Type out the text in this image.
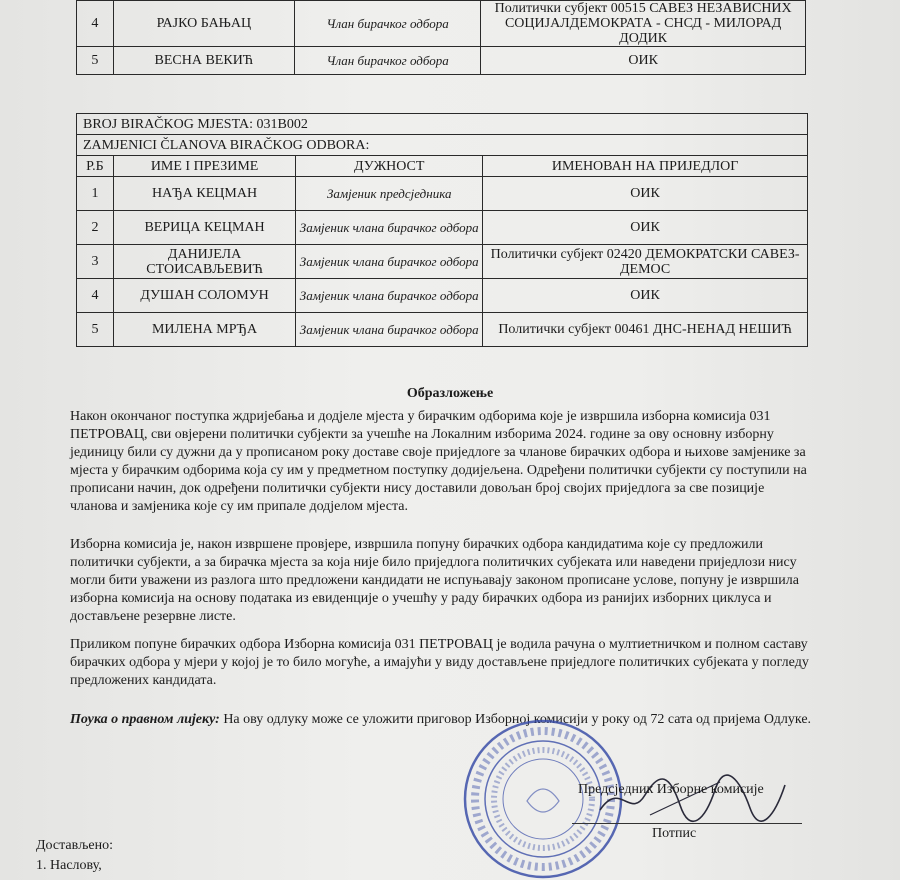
4	РАЈКО БАЊАЦ	Члан бирачког одбора	Политички субјект 00515 САВЕЗ НЕЗАВИСНИХ СОЦИЈАЛДЕМОКРАТА - СНСД - МИЛОРАД ДОДИК
5	ВЕСНА ВЕКИЋ	Члан бирачког одбора	ОИК
BROJ BIRAČKOG MJESTA: 031B002			
ZAMJENICI ČLANOVA BIRAČKOG ODBORA:			
Р.Б	ИМЕ І ПРЕЗИМЕ	ДУЖНОСТ	ИМЕНОВАН НА ПРИЈЕДЛОГ
1	НАЂА КЕЦМАН	Замјеник предсједника	ОИК
2	ВЕРИЦА КЕЦМАН	Замјеник члана бирачког одбора	ОИК
3	ДАНИЈЕЛА СТОИСАВЉЕВИЋ	Замјеник члана бирачког одбора	Политички субјект 02420 ДЕМОКРАТСКИ САВЕЗ-ДЕМОС
4	ДУШАН СОЛОМУН	Замјеник члана бирачког одбора	ОИК
5	МИЛЕНА МРЂА	Замјеник члана бирачког одбора	Политички субјект 00461 ДНС-НЕНАД НЕШИЋ
Образложење
Након окончаног поступка ждријебања и додјеле мјеста у бирачким одборима које је извршила изборна комисија 031 ПЕТРОВАЦ, сви овјерени политички субјекти за учешће на Локалним изборима 2024. године за ову основну изборну јединицу били су дужни да у прописаном року доставе своје приједлоге за чланове бирачких одбора и њихове замјенике за мјеста у бирачким одборима која су им у предметном поступку додијељена. Одређени политички субјекти су поступили на прописани начин, док одређени политички субјекти нису доставили довољан број својих приједлога за све позиције чланова и замјеника које су им припале додјелом мјеста.
Изборна комисија је, након извршене провјере, извршила попуну бирачких одбора кандидатима које су предложили политички субјекти, а за бирачка мјеста за која није било приједлога политичких субјеката или наведени приједлози нису могли бити уважени из разлога што предложени кандидати не испуњавају законом прописане услове, попуну је извршила изборна комисија на основу података из евиденције о учешћу у раду бирачких одбора из ранијих изборних циклуса и достављене резервне листе.
Приликом попуне бирачких одбора Изборна комисија 031 ПЕТРОВАЦ је водила рачуна о мултиетничком и полном саставу бирачких одбора у мјери у којој је то било могуће, а имајући у виду достављене приједлоге политичких субјеката у погледу предложених кандидата.
Поука о правном лијеку: На ову одлуку може се уложити приговор Изборној комисији у року од 72 сата од пријема Одлуке.
Предсједник Изборне комисије
Потпис
Достављено:
1. Наслову,
